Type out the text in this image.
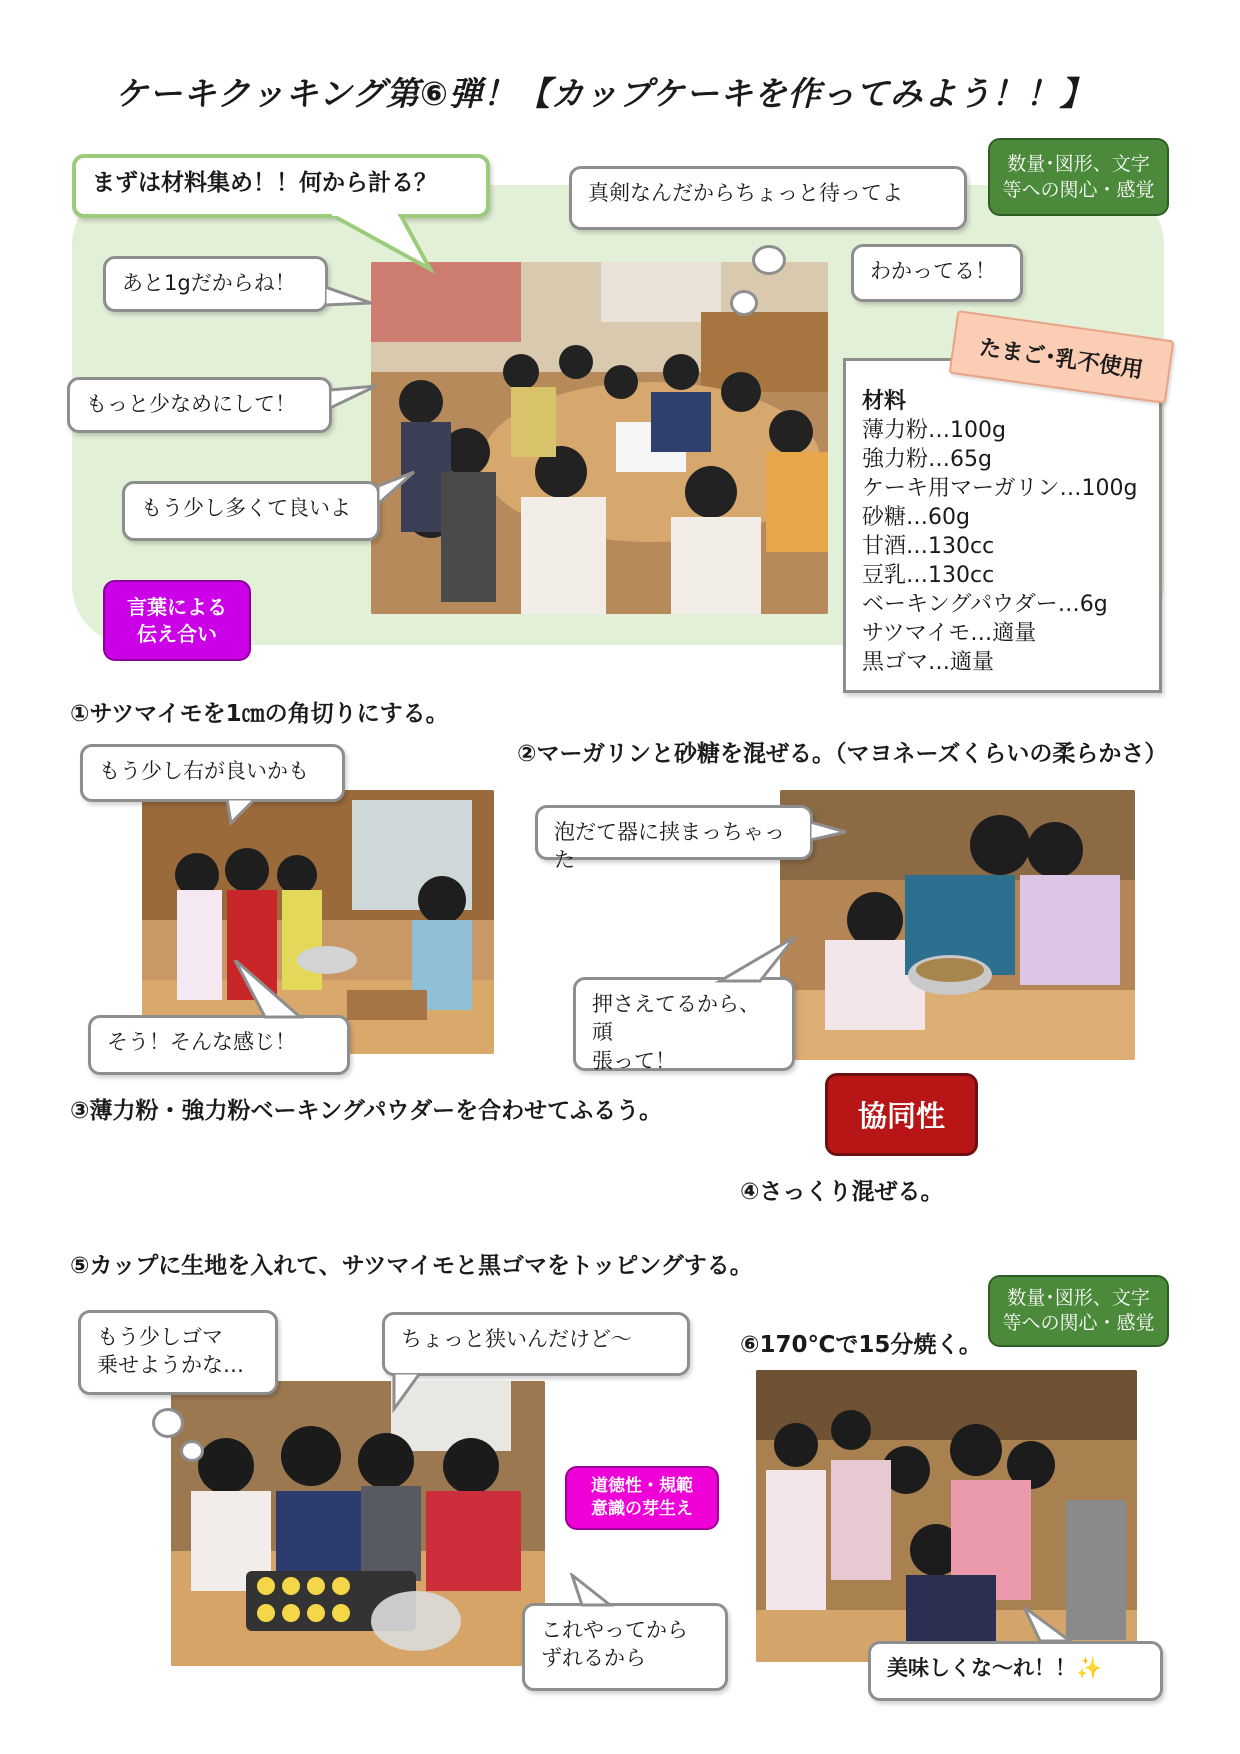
ケーキクッキング第⑥弾！【カップケーキを作ってみよう！！】
まずは材料集め！！何から計る？	真剣なんだからちょっと待ってよ
あと1gだからね！	わかってる！
もっと少なめにして！
もう少し多くて良いよ
数量･図形、文字
等への関心・感覚
言葉による
伝え合い
材料
薄力粉…100g
強力粉…65g
ケーキ用マーガリン…100g
砂糖…60g
甘酒…130cc
豆乳…130cc
ベーキングパウダー…6g
サツマイモ…適量
黒ゴマ…適量
たまご･乳不使用
①サツマイモを1㎝の角切りにする。
もう少し右が良いかも
そう！そんな感じ！
②マーガリンと砂糖を混ぜる。（マヨネーズくらいの柔らかさ）
泡だて器に挟まっちゃった
押さえてるから、頑
張って！
③薄力粉・強力粉ベーキングパウダーを合わせてふるう。	協同性
④さっくり混ぜる。
⑤カップに生地を入れて、サツマイモと黒ゴマをトッピングする。
もう少しゴマ
乗せようかな…
ちょっと狭いんだけど～
これやってから
ずれるから
道徳性・規範
意識の芽生え
数量･図形、文字
等への関心・感覚
⑥170℃で15分焼く。
美味しくな～れ！！✨
